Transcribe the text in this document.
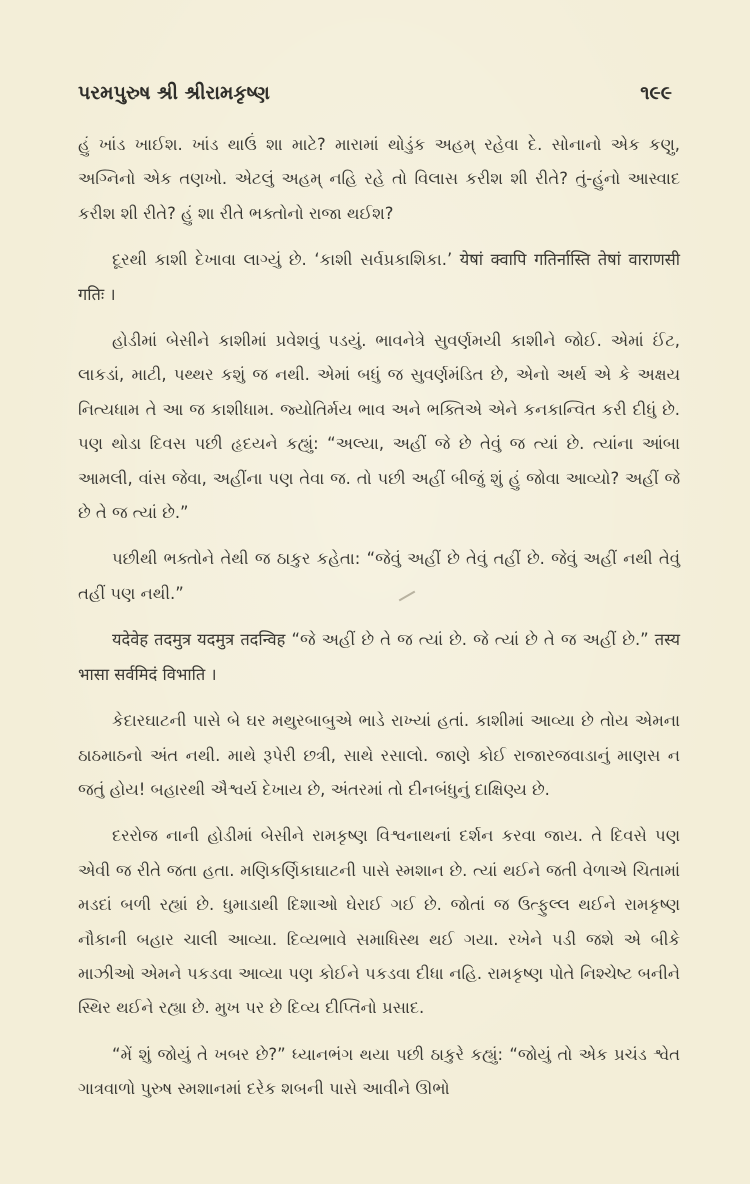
પરમપુરુષ શ્રી શ્રીરામકૃષ્ણ	૧૯૯

હું ખાંડ ખાઈશ. ખાંડ થાઉં શા માટે? મારામાં થોડુંક અહમ્ રહેવા દે. સોનાનો એક કણુ, અગ્નિનો એક તણખો. એટલું અહમ્ નહિ રહે તો વિલાસ કરીશ શી રીતે? તું-હુંનો આસ્વાદ કરીશ શી રીતે? હું શા રીતે ભક્તોનો રાજા થઈશ?

દૂરથી કાશી દેખાવા લાગ્યું છે. ‘કાશી સર્વપ્રકાશિકા.’ येषां क्वापि गतिर्नास्ति तेषां वाराणसी गतिः ।

હોડીમાં બેસીને કાશીમાં પ્રવેશવું પડયું. ભાવનેત્રે સુવર્ણમયી કાશીને જોઈ. એમાં ઈંટ, લાકડાં, માટી, પથ્થર કશું જ નથી. એમાં બધું જ સુવર્ણમંડિત છે, એનો અર્થ એ કે અક્ષય નિત્યધામ તે આ જ કાશીધામ. જ્યોતિર્મય ભાવ અને ભક્તિએ એને કનકાન્વિત કરી દીધું છે. પણ થોડા દિવસ પછી હૃદયને કહ્યું: “અલ્યા, અહીં જે છે તેવું જ ત્યાં છે. ત્યાંના આંબા આમલી, વાંસ જેવા, અહીંના પણ તેવા જ. તો પછી અહીં બીજું શું હું જોવા આવ્યો? અહીં જે છે તે જ ત્યાં છે.”

પછીથી ભક્તોને તેથી જ ઠાકુર કહેતા: “જેવું અહીં છે તેવું તહીં છે. જેવું અહીં નથી તેવું તહીં પણ નથી.”

यदेवेह तदमुत्र यदमुत्र तदन्विह “જે અહીં છે તે જ ત્યાં છે. જે ત્યાં છે તે જ અહીં છે.” तस्य भासा सर्वमिदं विभाति ।

કેદારઘાટની પાસે બે ઘર મથુરબાબુએ ભાડે રાખ્યાં હતાં. કાશીમાં આવ્યા છે તોય એમના ઠાઠમાઠનો અંત નથી. માથે રૂપેરી છત્રી, સાથે રસાલો. જાણે કોઈ રાજારજવાડાનું માણસ ન જતું હોય! બહારથી ઐશ્વર્ય દેખાય છે, અંતરમાં તો દીનબંધુનું દાક્ષિણ્ય છે.

દરરોજ નાની હોડીમાં બેસીને રામકૃષ્ણ વિશ્વનાથનાં દર્શન કરવા જાય. તે દિવસે પણ એવી જ રીતે જતા હતા. મણિકર્ણિકાઘાટની પાસે સ્મશાન છે. ત્યાં થઈને જતી વેળાએ ચિતામાં મડદાં બળી રહ્યાં છે. ધુમાડાથી દિશાઓ ઘેરાઈ ગઈ છે. જોતાં જ ઉત્ફુલ્લ થઈને રામકૃષ્ણ નૌકાની બહાર ચાલી આવ્યા. દિવ્યભાવે સમાધિસ્થ થઈ ગયા. રખેને પડી જશે એ બીકે માઝીઓ એમને પકડવા આવ્યા પણ કોઈને પકડવા દીધા નહિ. રામકૃષ્ણ પોતે નિશ્ચેષ્ટ બનીને સ્થિર થઈને રહ્યા છે. મુખ પર છે દિવ્ય દીપ્તિનો પ્રસાદ.

“મેં શું જોયું તે ખબર છે?” ધ્યાનભંગ થયા પછી ઠાકુરે કહ્યું: “જોયું તો એક પ્રચંડ શ્વેત ગાત્રવાળો પુરુષ સ્મશાનમાં દરેક શબની પાસે આવીને ઊભો
